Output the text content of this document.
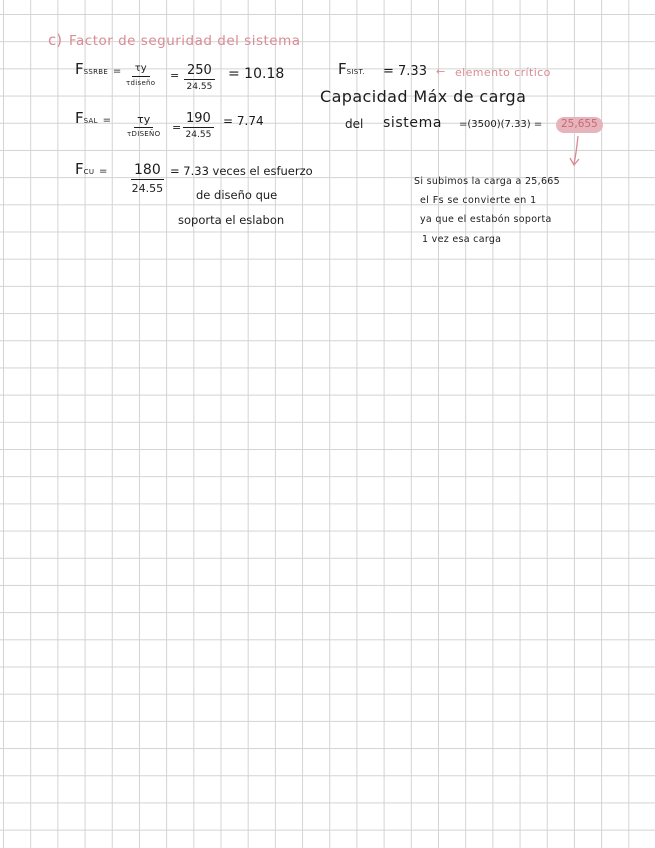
c) Factor de seguridad del sistema
FSSRBE =	τy
τdiseño
= 250
24.55
= 10.18
FSAL = τy
τDISEÑO =
190
24.55
= 7.74
FCU = 180
24.55
= 7.33 veces el esfuerzo
de diseño que
soporta el eslabon
FSIST. = 7.33 ← elemento crítico
Capacidad Máx de carga
del sistema =(3500)(7.33) =	25,655
Si subimos la carga a 25,665
el Fs se convierte en 1
ya que el estabón soporta
1 vez esa carga
